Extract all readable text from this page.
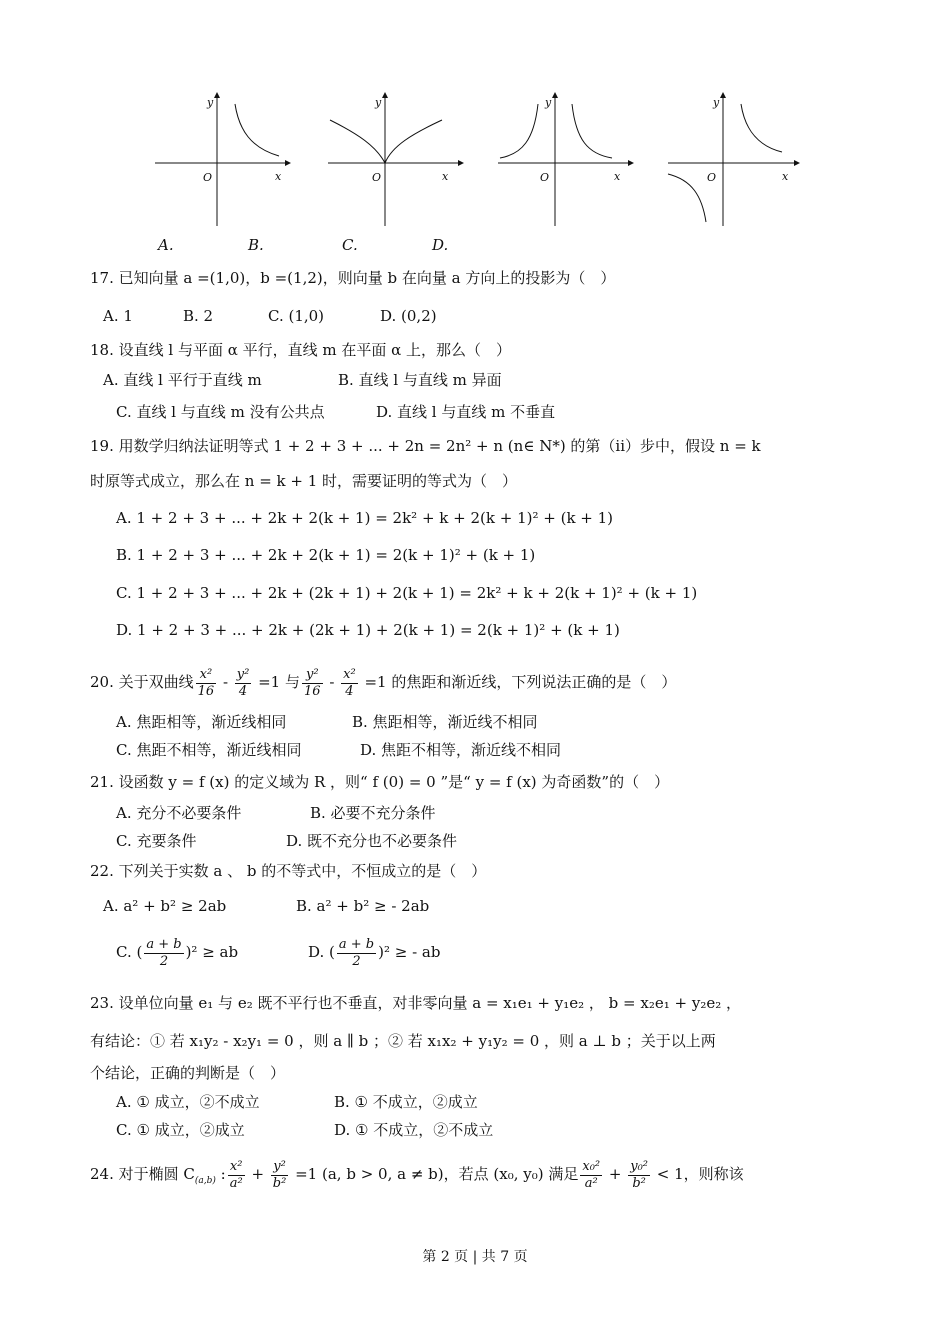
y
x
O
y
x
O
y
x
O
y
x
O
A.	B.	C.	D.
17. 已知向量 a =(1,0)，b =(1,2)，则向量 b 在向量 a 方向上的投影为（　）
A. 1	B. 2	C. (1,0)	D. (0,2)
18. 设直线 l 与平面 α 平行，直线 m 在平面 α 上，那么（　）
A. 直线 l 平行于直线 m	B. 直线 l 与直线 m 异面
C. 直线 l 与直线 m 没有公共点	D. 直线 l 与直线 m 不垂直
19. 用数学归纳法证明等式 1 + 2 + 3 + ... + 2n = 2n² + n (n∈ N*) 的第（ii）步中，假设 n = k
时原等式成立，那么在 n = k + 1 时，需要证明的等式为（　）
A. 1 + 2 + 3 + ... + 2k + 2(k + 1) = 2k² + k + 2(k + 1)² + (k + 1)
B. 1 + 2 + 3 + ... + 2k + 2(k + 1) = 2(k + 1)² + (k + 1)
C. 1 + 2 + 3 + ... + 2k + (2k + 1) + 2(k + 1) = 2k² + k + 2(k + 1)² + (k + 1)
D. 1 + 2 + 3 + ... + 2k + (2k + 1) + 2(k + 1) = 2(k + 1)² + (k + 1)
20. 关于双曲线 $\frac{\text{x²}}{16} - \frac{\text{y²}}{4} =1$ 与 $\frac{\text{y²}}{16} - \frac{\text{x²}}{4} =1$ 的焦距和渐近线，下列说法正确的是（　）
A. 焦距相等，渐近线相同	B. 焦距相等，渐近线不相同
C. 焦距不相等，渐近线相同	D. 焦距不相等，渐近线不相同
21. 设函数 y = f (x) 的定义域为 R ，则“ f (0) = 0 ”是“ y = f (x) 为奇函数”的（　）
A. 充分不必要条件	B. 必要不充分条件
C. 充要条件	D. 既不充分也不必要条件
22. 下列关于实数 a 、 b 的不等式中，不恒成立的是（　）
A. a² + b² ≥ 2ab	B. a² + b² ≥ - 2ab
C. ( $\frac{a + b}{2} )^2$ ≥ ab	D. ( $\frac{a + b}{2} )^2$ ≥ - ab
23. 设单位向量 e₁ 与 e₂ 既不平行也不垂直，对非零向量 a = x₁e₁ + y₁e₂ ， b = x₂e₁ + y₂e₂ ，
有结论：① 若 x₁y₂ - x₂y₁ = 0 ，则 a ∥ b ；② 若 x₁x₂ + y₁y₂ = 0 ，则 a ⊥ b ；关于以上两
个结论，正确的判断是（　）
A. ① 成立，②不成立	B. ① 不成立，②成立
C. ① 成立，②成立	D. ① 不成立，②不成立
24. 对于椭圆 $C_{(a,b)}$ : $\frac{\text{x²}}{\text{a²}} + \frac{\text{y²}}{\text{b²}} =1$ (a, b > 0, a ≠ b)，若点 (x₀, y₀) 满足 $\frac{\text{x₀²}}{\text{a²}} + \frac{\text{y₀²}}{\text{b²}} < 1$，则称该
第 2 页 | 共 7 页
